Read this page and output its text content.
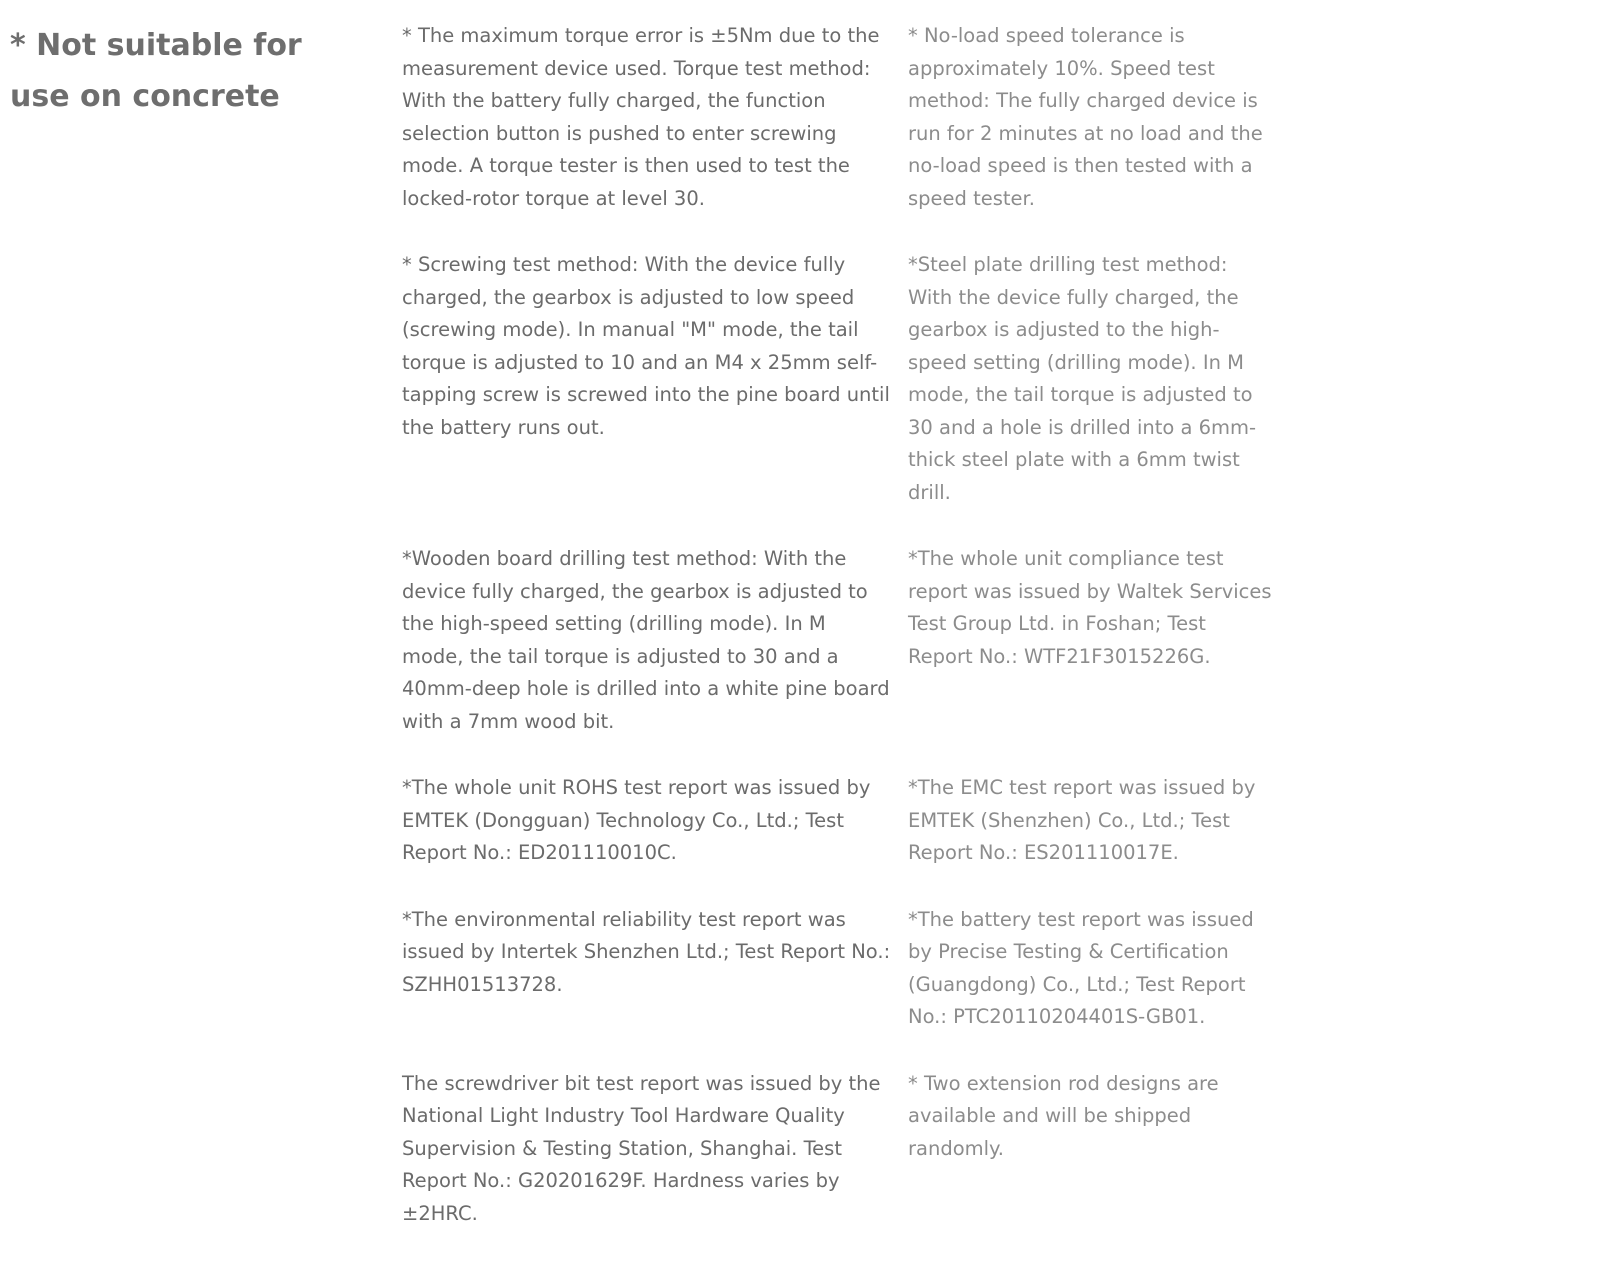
* Not suitable for use on concrete

* The maximum torque error is ±5Nm due to the measurement device used. Torque test method: With the battery fully charged, the function selection button is pushed to enter screwing mode. A torque tester is then used to test the locked-rotor torque at level 30.

* No-load speed tolerance is approximately 10%. Speed test method: The fully charged device is run for 2 minutes at no load and the no-load speed is then tested with a speed tester.

* Screwing test method: With the device fully charged, the gearbox is adjusted to low speed (screwing mode). In manual "M" mode, the tail torque is adjusted to 10 and an M4 x 25mm self-tapping screw is screwed into the pine board until the battery runs out.

*Steel plate drilling test method: With the device fully charged, the gearbox is adjusted to the high-speed setting (drilling mode). In M mode, the tail torque is adjusted to 30 and a hole is drilled into a 6mm-thick steel plate with a 6mm twist drill.

*Wooden board drilling test method: With the device fully charged, the gearbox is adjusted to the high-speed setting (drilling mode). In M mode, the tail torque is adjusted to 30 and a 40mm-deep hole is drilled into a white pine board with a 7mm wood bit.

*The whole unit compliance test report was issued by Waltek Services Test Group Ltd. in Foshan; Test Report No.: WTF21F3015226G.

*The whole unit ROHS test report was issued by EMTEK (Dongguan) Technology Co., Ltd.; Test Report No.: ED201110010C.

*The EMC test report was issued by EMTEK (Shenzhen) Co., Ltd.; Test Report No.: ES201110017E.

*The environmental reliability test report was issued by Intertek Shenzhen Ltd.; Test Report No.: SZHH01513728.

*The battery test report was issued by Precise Testing & Certification (Guangdong) Co., Ltd.; Test Report No.: PTC20110204401S-GB01.

The screwdriver bit test report was issued by the National Light Industry Tool Hardware Quality Supervision & Testing Station, Shanghai. Test Report No.: G20201629F. Hardness varies by ±2HRC.

* Two extension rod designs are available and will be shipped randomly.
